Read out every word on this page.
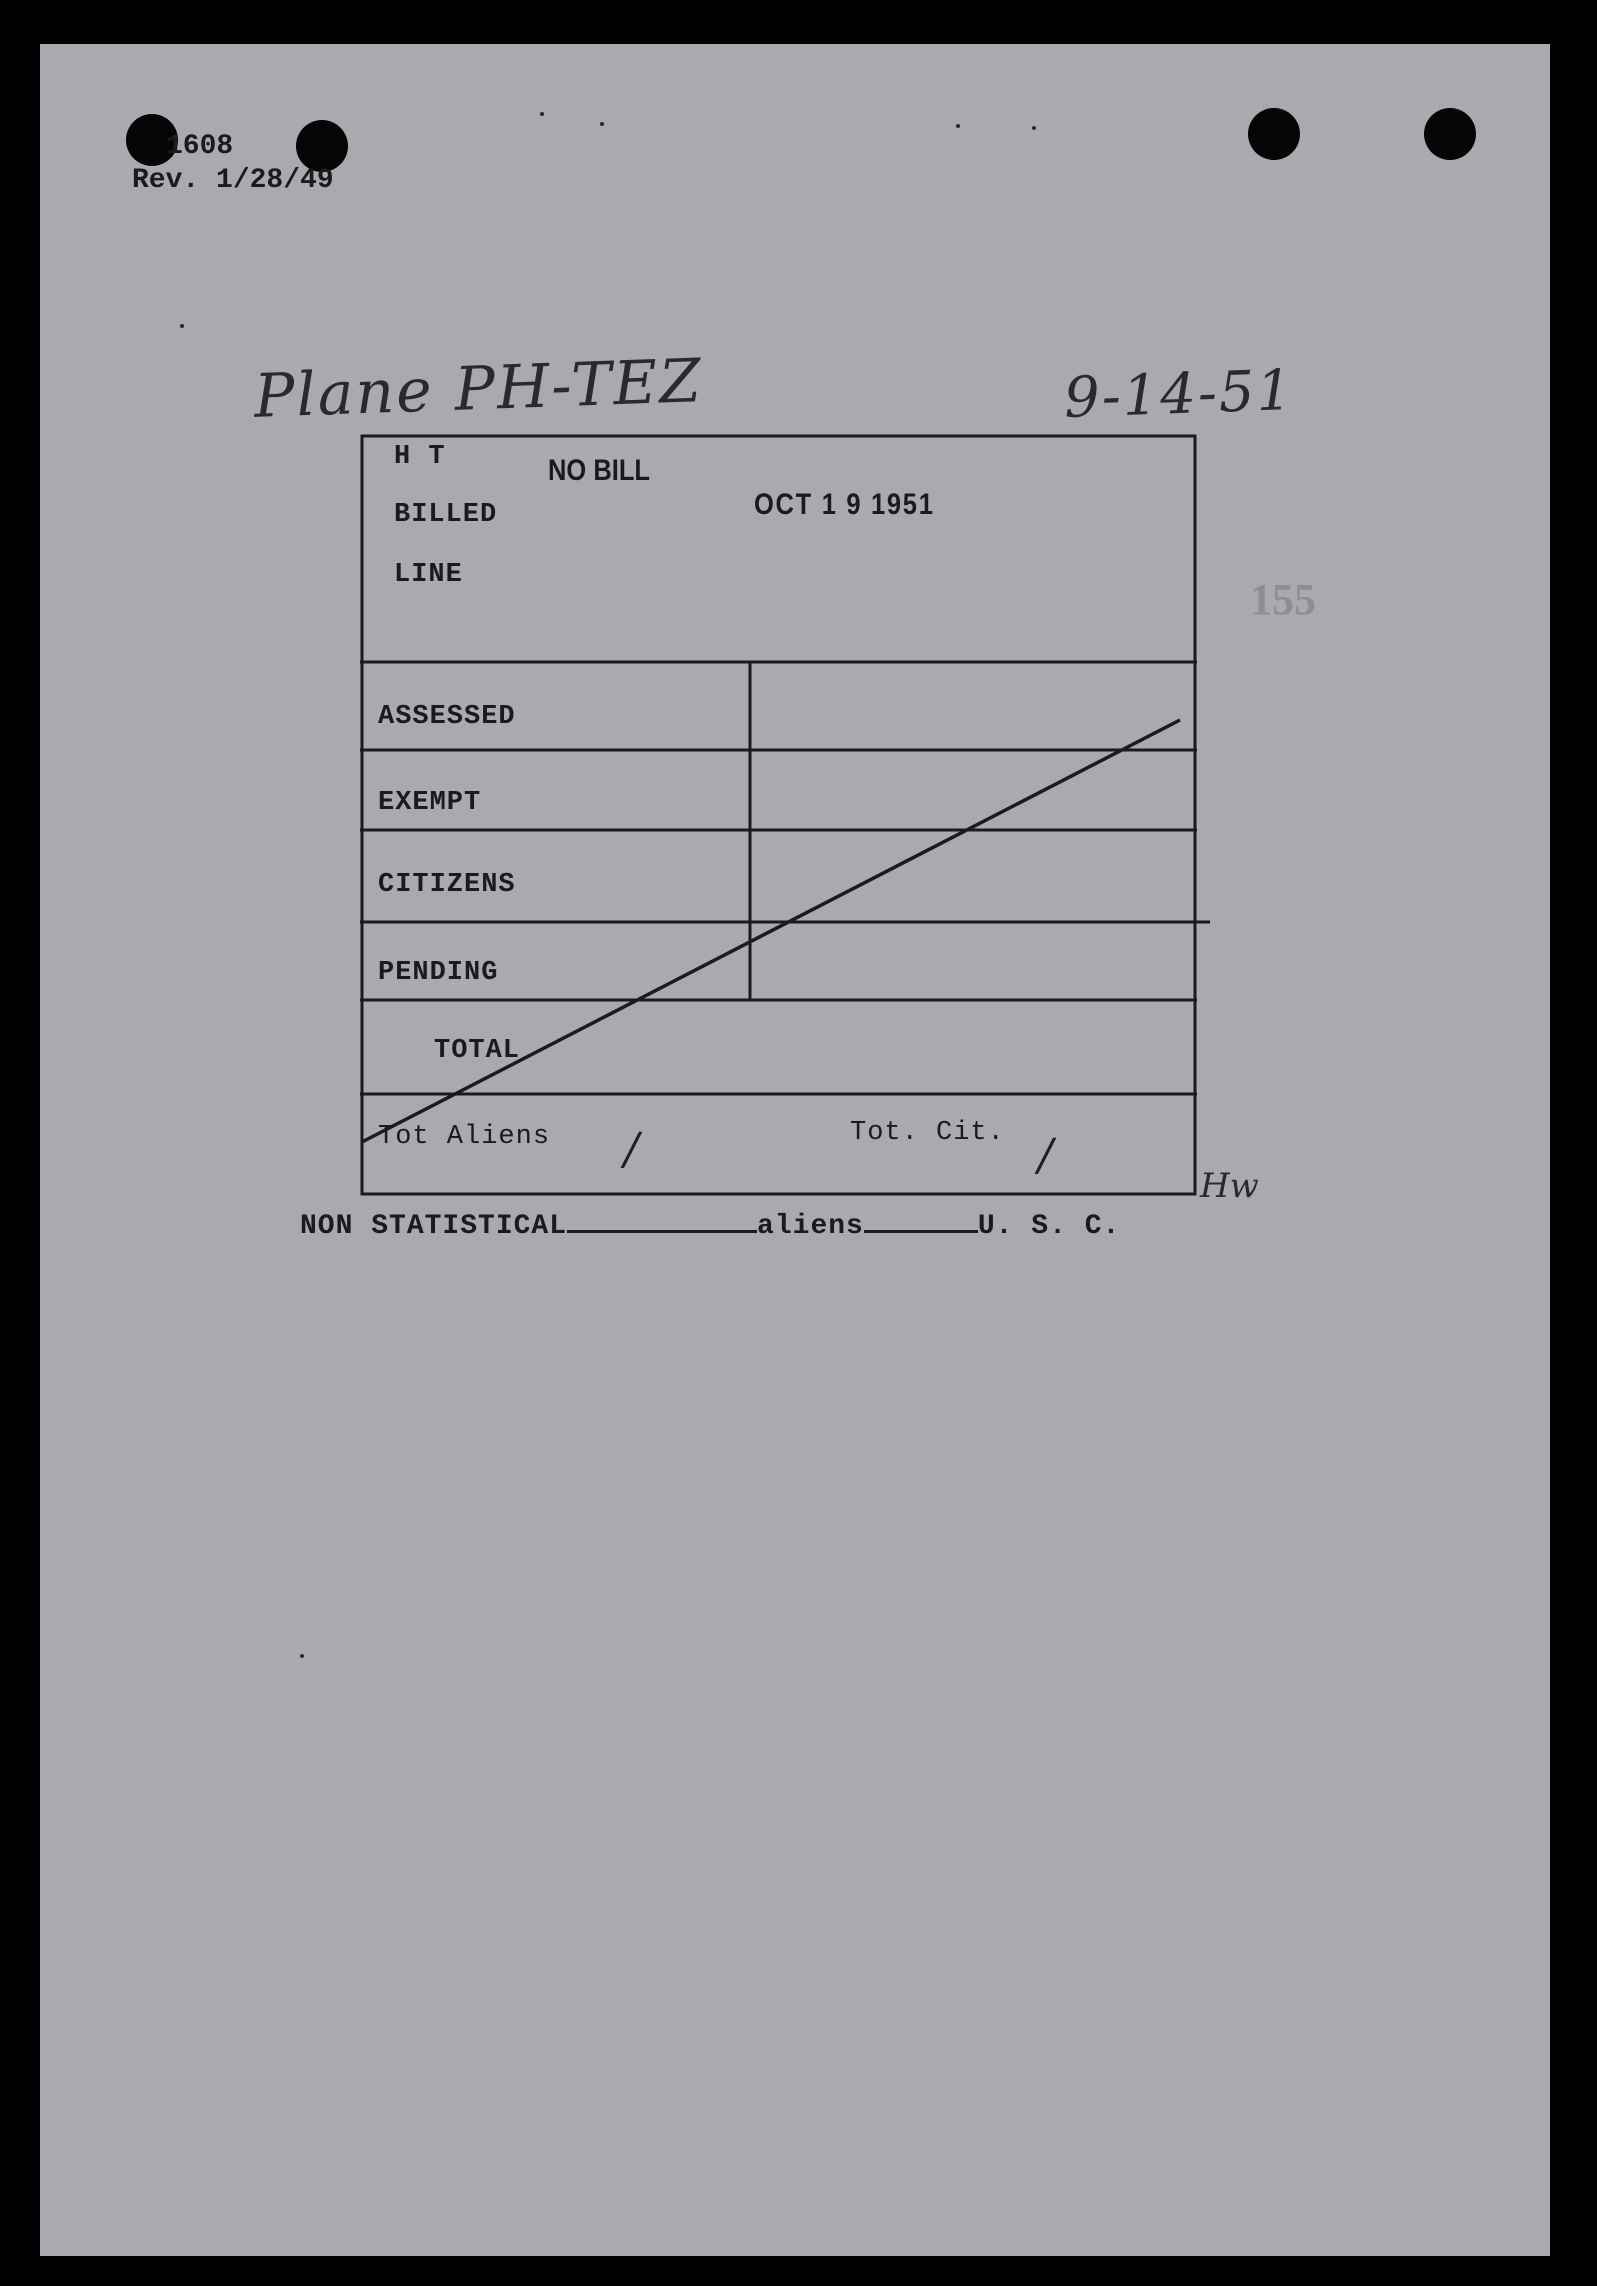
1608
Rev. 1/28/49
Plane PH-TEZ	9-14-51
H T
BILLED
LINE
NO BILL
OCT 1 9 1951
155
ASSESSED
EXEMPT
CITIZENS
PENDING
TOTAL
Tot Aliens /	Tot. Cit. /
Hw
NON STATISTICAL	aliens	U. S. C.
